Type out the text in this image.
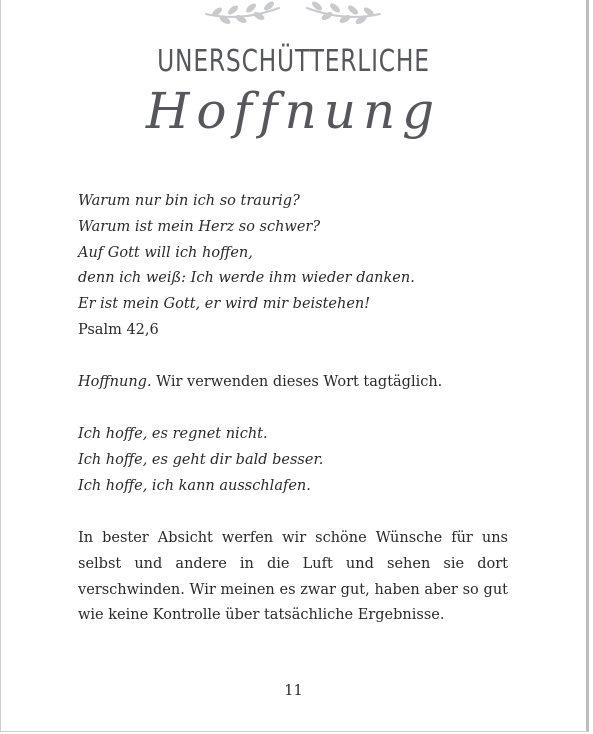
UNERSCHÜTTERLICHE
Hoffnung
Warum nur bin ich so traurig?
Warum ist mein Herz so schwer?
Auf Gott will ich hoffen,
denn ich weiß: Ich werde ihm wieder danken.
Er ist mein Gott, er wird mir beistehen!
Psalm 42,6
Hoffnung. Wir verwenden dieses Wort tagtäglich.
Ich hoffe, es regnet nicht.
Ich hoffe, es geht dir bald besser.
Ich hoffe, ich kann ausschlafen.
In bester Absicht werfen wir schöne Wünsche für uns selbst und andere in die Luft und sehen sie dort verschwinden. Wir meinen es zwar gut, haben aber so gut wie keine Kontrolle über tatsächliche Ergebnisse.
11
